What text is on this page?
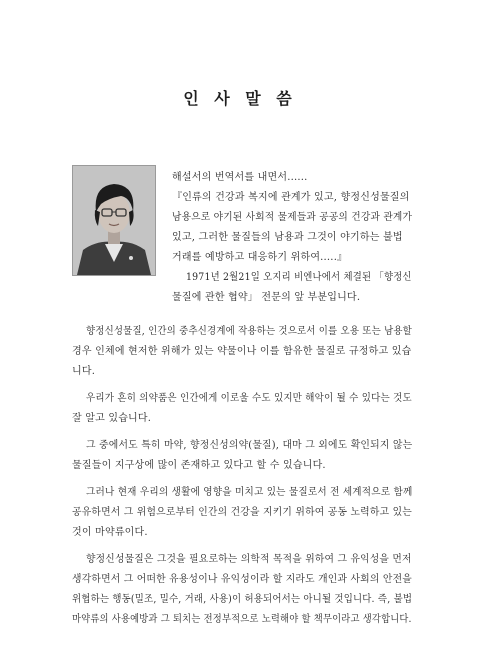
인 사 말 씀
해설서의 번역서를 내면서......
『인류의 건강과 복지에 관계가 있고, 향정신성물질의
남용으로 야기된 사회적 물제들과 공공의 건강과 관계가
있고, 그러한 물질들의 남용과 그것이 야기하는 불법
거래를 예방하고 대응하기 위하여.....』
1971년 2월21일 오지리 비엔나에서 체결된 「향정신
물질에 관한 협약」 전문의 앞 부분입니다.
향정신성물질, 인간의 중추신경계에 작용하는 것으로서 이를 오용 또는 남용할
경우 인체에 현저한 위해가 있는 약물이나 이를 함유한 물질로 규정하고 있습
니다.
우리가 흔히 의약품은 인간에게 이로울 수도 있지만 해악이 될 수 있다는 것도
잘 알고 있습니다.
그 중에서도 특히 마약, 향정신성의약(물질), 대마 그 외에도 확인되지 않는
물질들이 지구상에 많이 존재하고 있다고 할 수 있습니다.
그러나 현재 우리의 생활에 영향을 미치고 있는 물질로서 전 세계적으로 함께
공유하면서 그 위험으로부터 인간의 건강을 지키기 위하여 공동 노력하고 있는
것이 마약류이다.
향정신성물질은 그것을 필요로하는 의학적 목적을 위하여 그 유익성을 먼저
생각하면서 그 어떠한 유용성이나 유익성이라 할 지라도 개인과 사회의 안전을
위협하는 행동(밀조, 밀수, 거래, 사용)이 허용되어서는 아니될 것입니다. 즉, 불법
마약류의 사용예방과 그 퇴치는 전정부적으로 노력해야 할 책무이라고 생각합니다.
